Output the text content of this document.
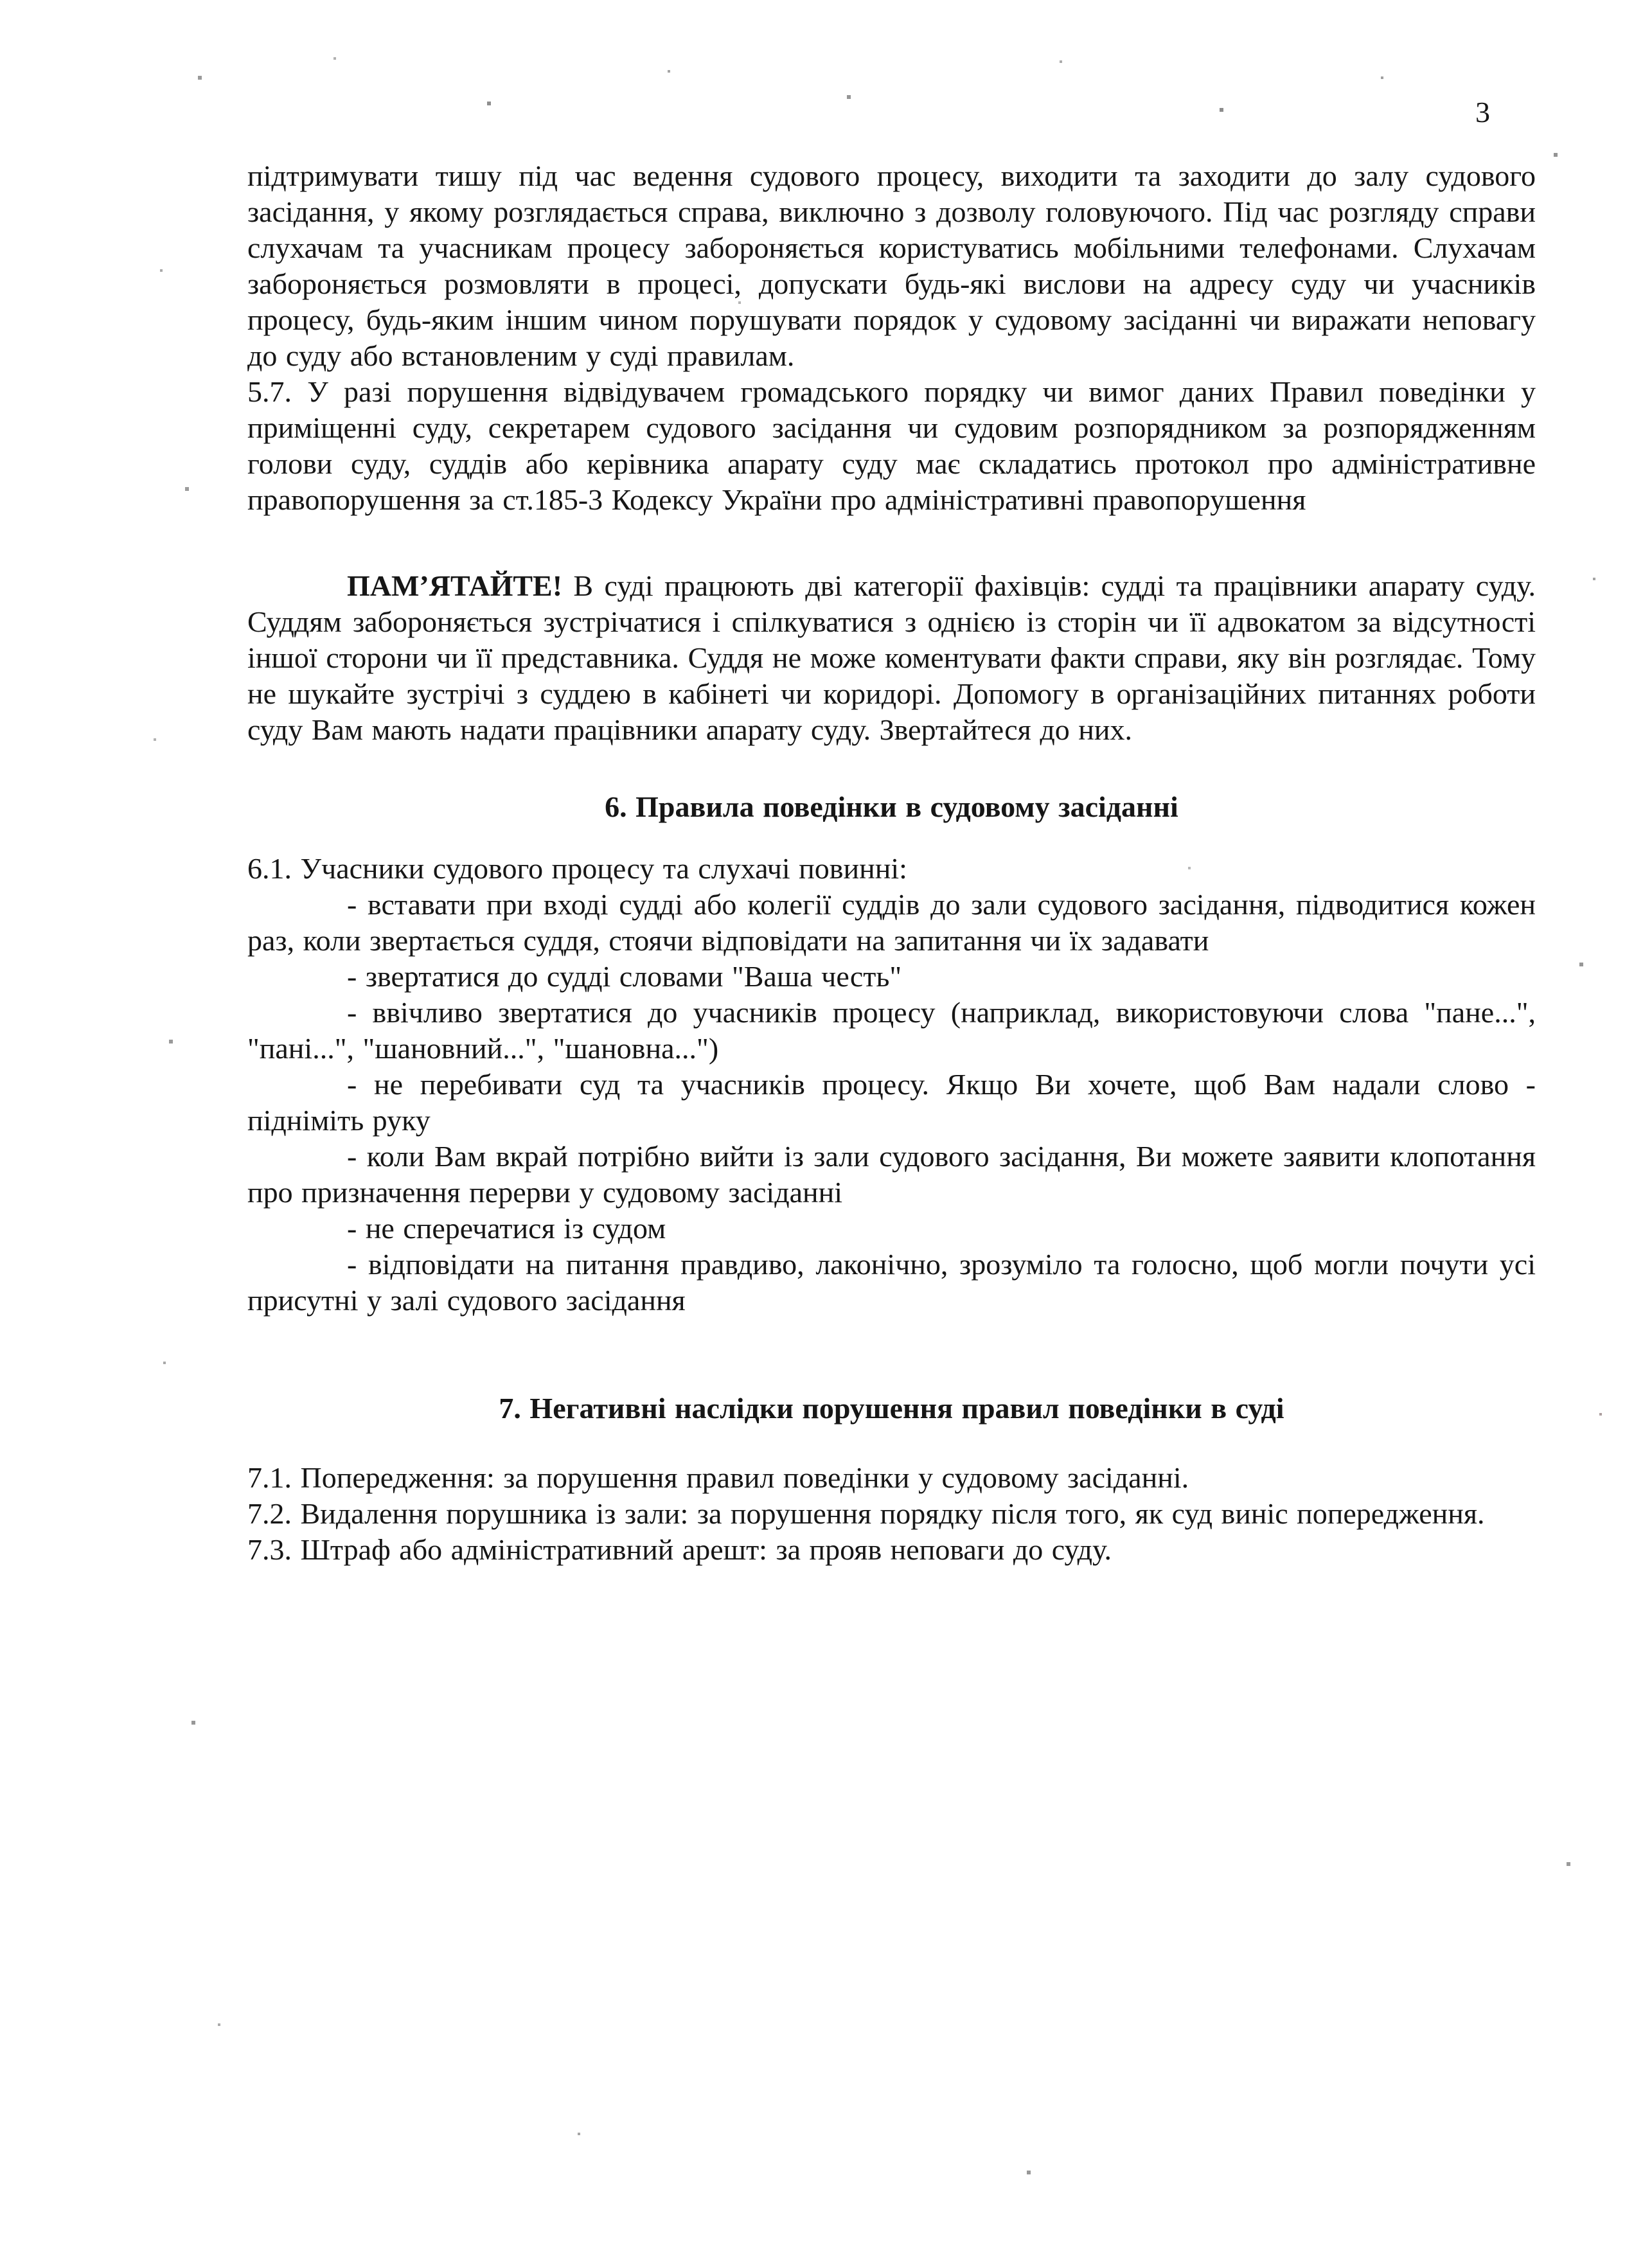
3

підтримувати тишу під час ведення судового процесу, виходити та заходити до залу судового засідання, у якому розглядається справа, виключно з дозволу головуючого. Під час розгляду справи слухачам та учасникам процесу забороняється користуватись мобільними телефонами. Слухачам забороняється розмовляти в процесі, допускати будь-які вислови на адресу суду чи учасників процесу, будь-яким іншим чином порушувати порядок у судовому засіданні чи виражати неповагу до суду або встановленим у суді правилам.

5.7. У разі порушення відвідувачем громадського порядку чи вимог даних Правил поведінки у приміщенні суду, секретарем судового засідання чи судовим розпорядником за розпорядженням голови суду, суддів або керівника апарату суду має складатись протокол про адміністративне правопорушення за ст.185-3 Кодексу України про адміністративні правопорушення

ПАМ’ЯТАЙТЕ! В суді працюють дві категорії фахівців: судді та працівники апарату суду. Суддям забороняється зустрічатися і спілкуватися з однією із сторін чи її адвокатом за відсутності іншої сторони чи її представника. Суддя не може коментувати факти справи, яку він розглядає. Тому не шукайте зустрічі з суддею в кабінеті чи коридорі. Допомогу в організаційних питаннях роботи суду Вам мають надати працівники апарату суду. Звертайтеся до них.

6. Правила поведінки в судовому засіданні

6.1. Учасники судового процесу та слухачі повинні:

- вставати при вході судді або колегії суддів до зали судового засідання, підводитися кожен раз, коли звертається суддя, стоячи відповідати на запитання чи їх задавати

- звертатися до судді словами "Ваша честь"

- ввічливо звертатися до учасників процесу (наприклад, використовуючи слова "пане...", "пані...", "шановний...", "шановна...")

- не перебивати суд та учасників процесу. Якщо Ви хочете, щоб Вам надали слово - підніміть руку

- коли Вам вкрай потрібно вийти із зали судового засідання, Ви можете заявити клопотання про призначення перерви у судовому засіданні

- не сперечатися із судом

- відповідати на питання правдиво, лаконічно, зрозуміло та голосно, щоб могли почути усі присутні у залі судового засідання

7. Негативні наслідки порушення правил поведінки в суді

7.1. Попередження: за порушення правил поведінки у судовому засіданні.

7.2. Видалення порушника із зали: за порушення порядку після того, як суд виніс попередження.

7.3. Штраф або адміністративний арешт: за прояв неповаги до суду.
